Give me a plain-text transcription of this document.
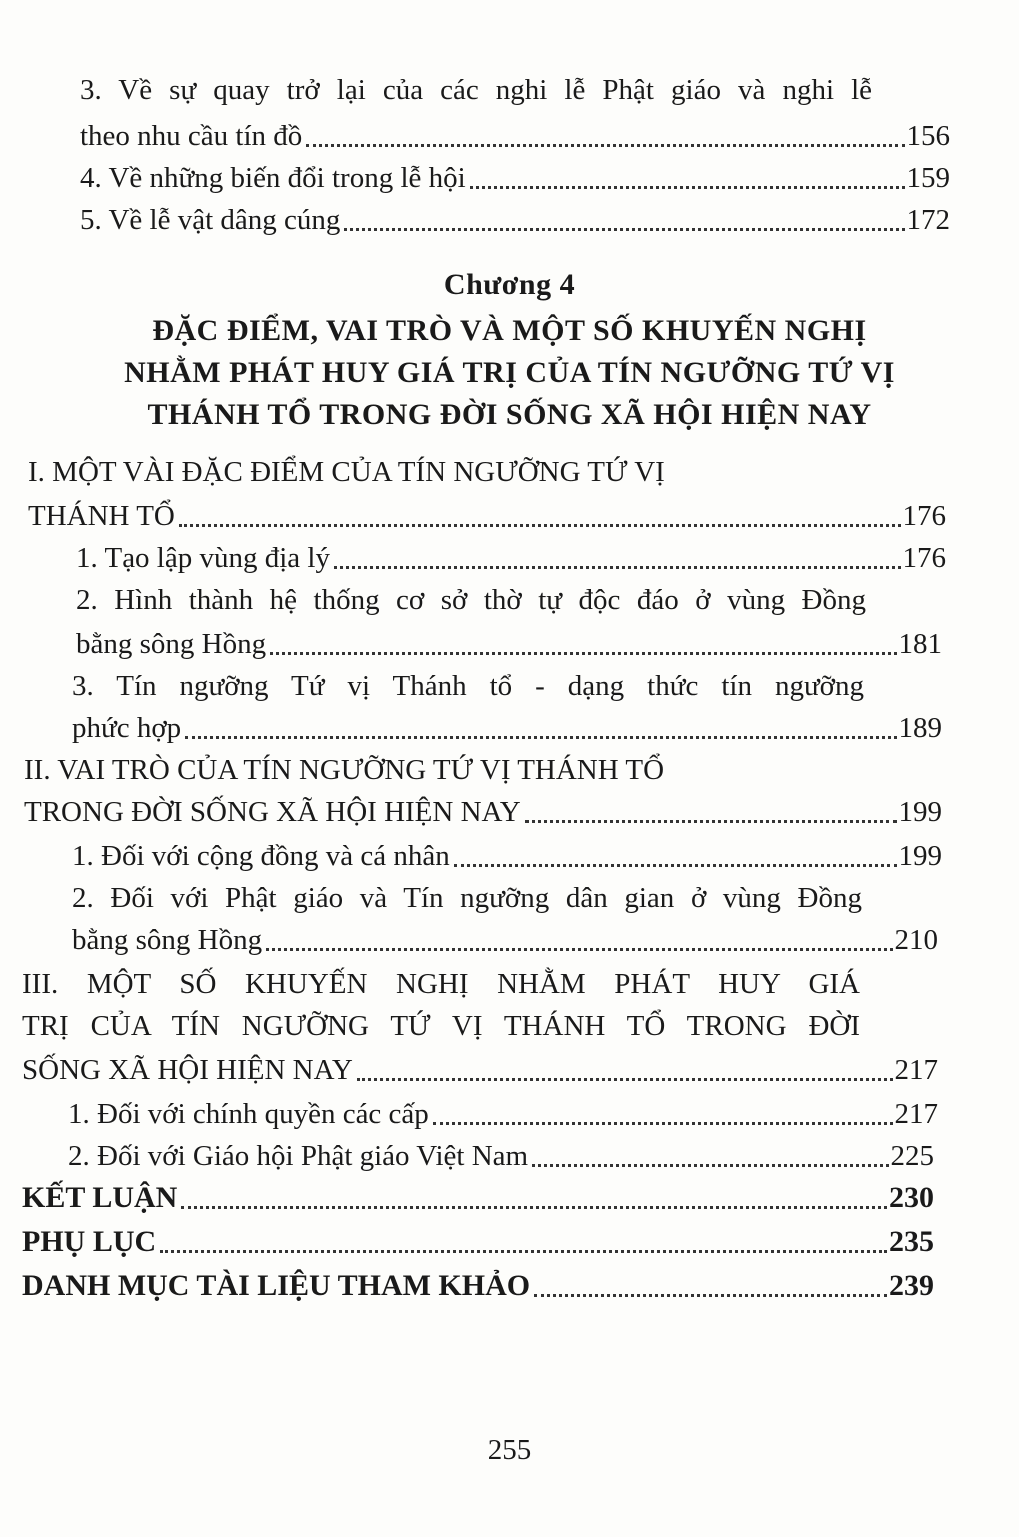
3. Về sự quay trở lại của các nghi lễ Phật giáo và nghi lễ
theo nhu cầu tín đồ	156
4. Về những biến đổi trong lễ hội	159
5. Về lễ vật dâng cúng	172
Chương 4
ĐẶC ĐIỂM, VAI TRÒ VÀ MỘT SỐ KHUYẾN NGHỊ
NHẰM PHÁT HUY GIÁ TRỊ CỦA TÍN NGƯỠNG TỨ VỊ
THÁNH TỔ TRONG ĐỜI SỐNG XÃ HỘI HIỆN NAY
I. MỘT VÀI ĐẶC ĐIỂM CỦA TÍN NGƯỠNG TỨ VỊ
THÁNH TỔ	176
1. Tạo lập vùng địa lý	176
2. Hình thành hệ thống cơ sở thờ tự độc đáo ở vùng Đồng
bằng sông Hồng	181
3. Tín ngưỡng Tứ vị Thánh tổ - dạng thức tín ngưỡng
phức hợp	189
II. VAI TRÒ CỦA TÍN NGƯỠNG TỨ VỊ THÁNH TỔ
TRONG ĐỜI SỐNG XÃ HỘI HIỆN NAY	199
1. Đối với cộng đồng và cá nhân	199
2. Đối với Phật giáo và Tín ngưỡng dân gian ở vùng Đồng
bằng sông Hồng	210
III. MỘT SỐ KHUYẾN NGHỊ NHẰM PHÁT HUY GIÁ
TRỊ CỦA TÍN NGƯỠNG TỨ VỊ THÁNH TỔ TRONG ĐỜI
SỐNG XÃ HỘI HIỆN NAY	217
1. Đối với chính quyền các cấp	217
2. Đối với Giáo hội Phật giáo Việt Nam	225
KẾT LUẬN	230
PHỤ LỤC	235
DANH MỤC TÀI LIỆU THAM KHẢO	239
255
